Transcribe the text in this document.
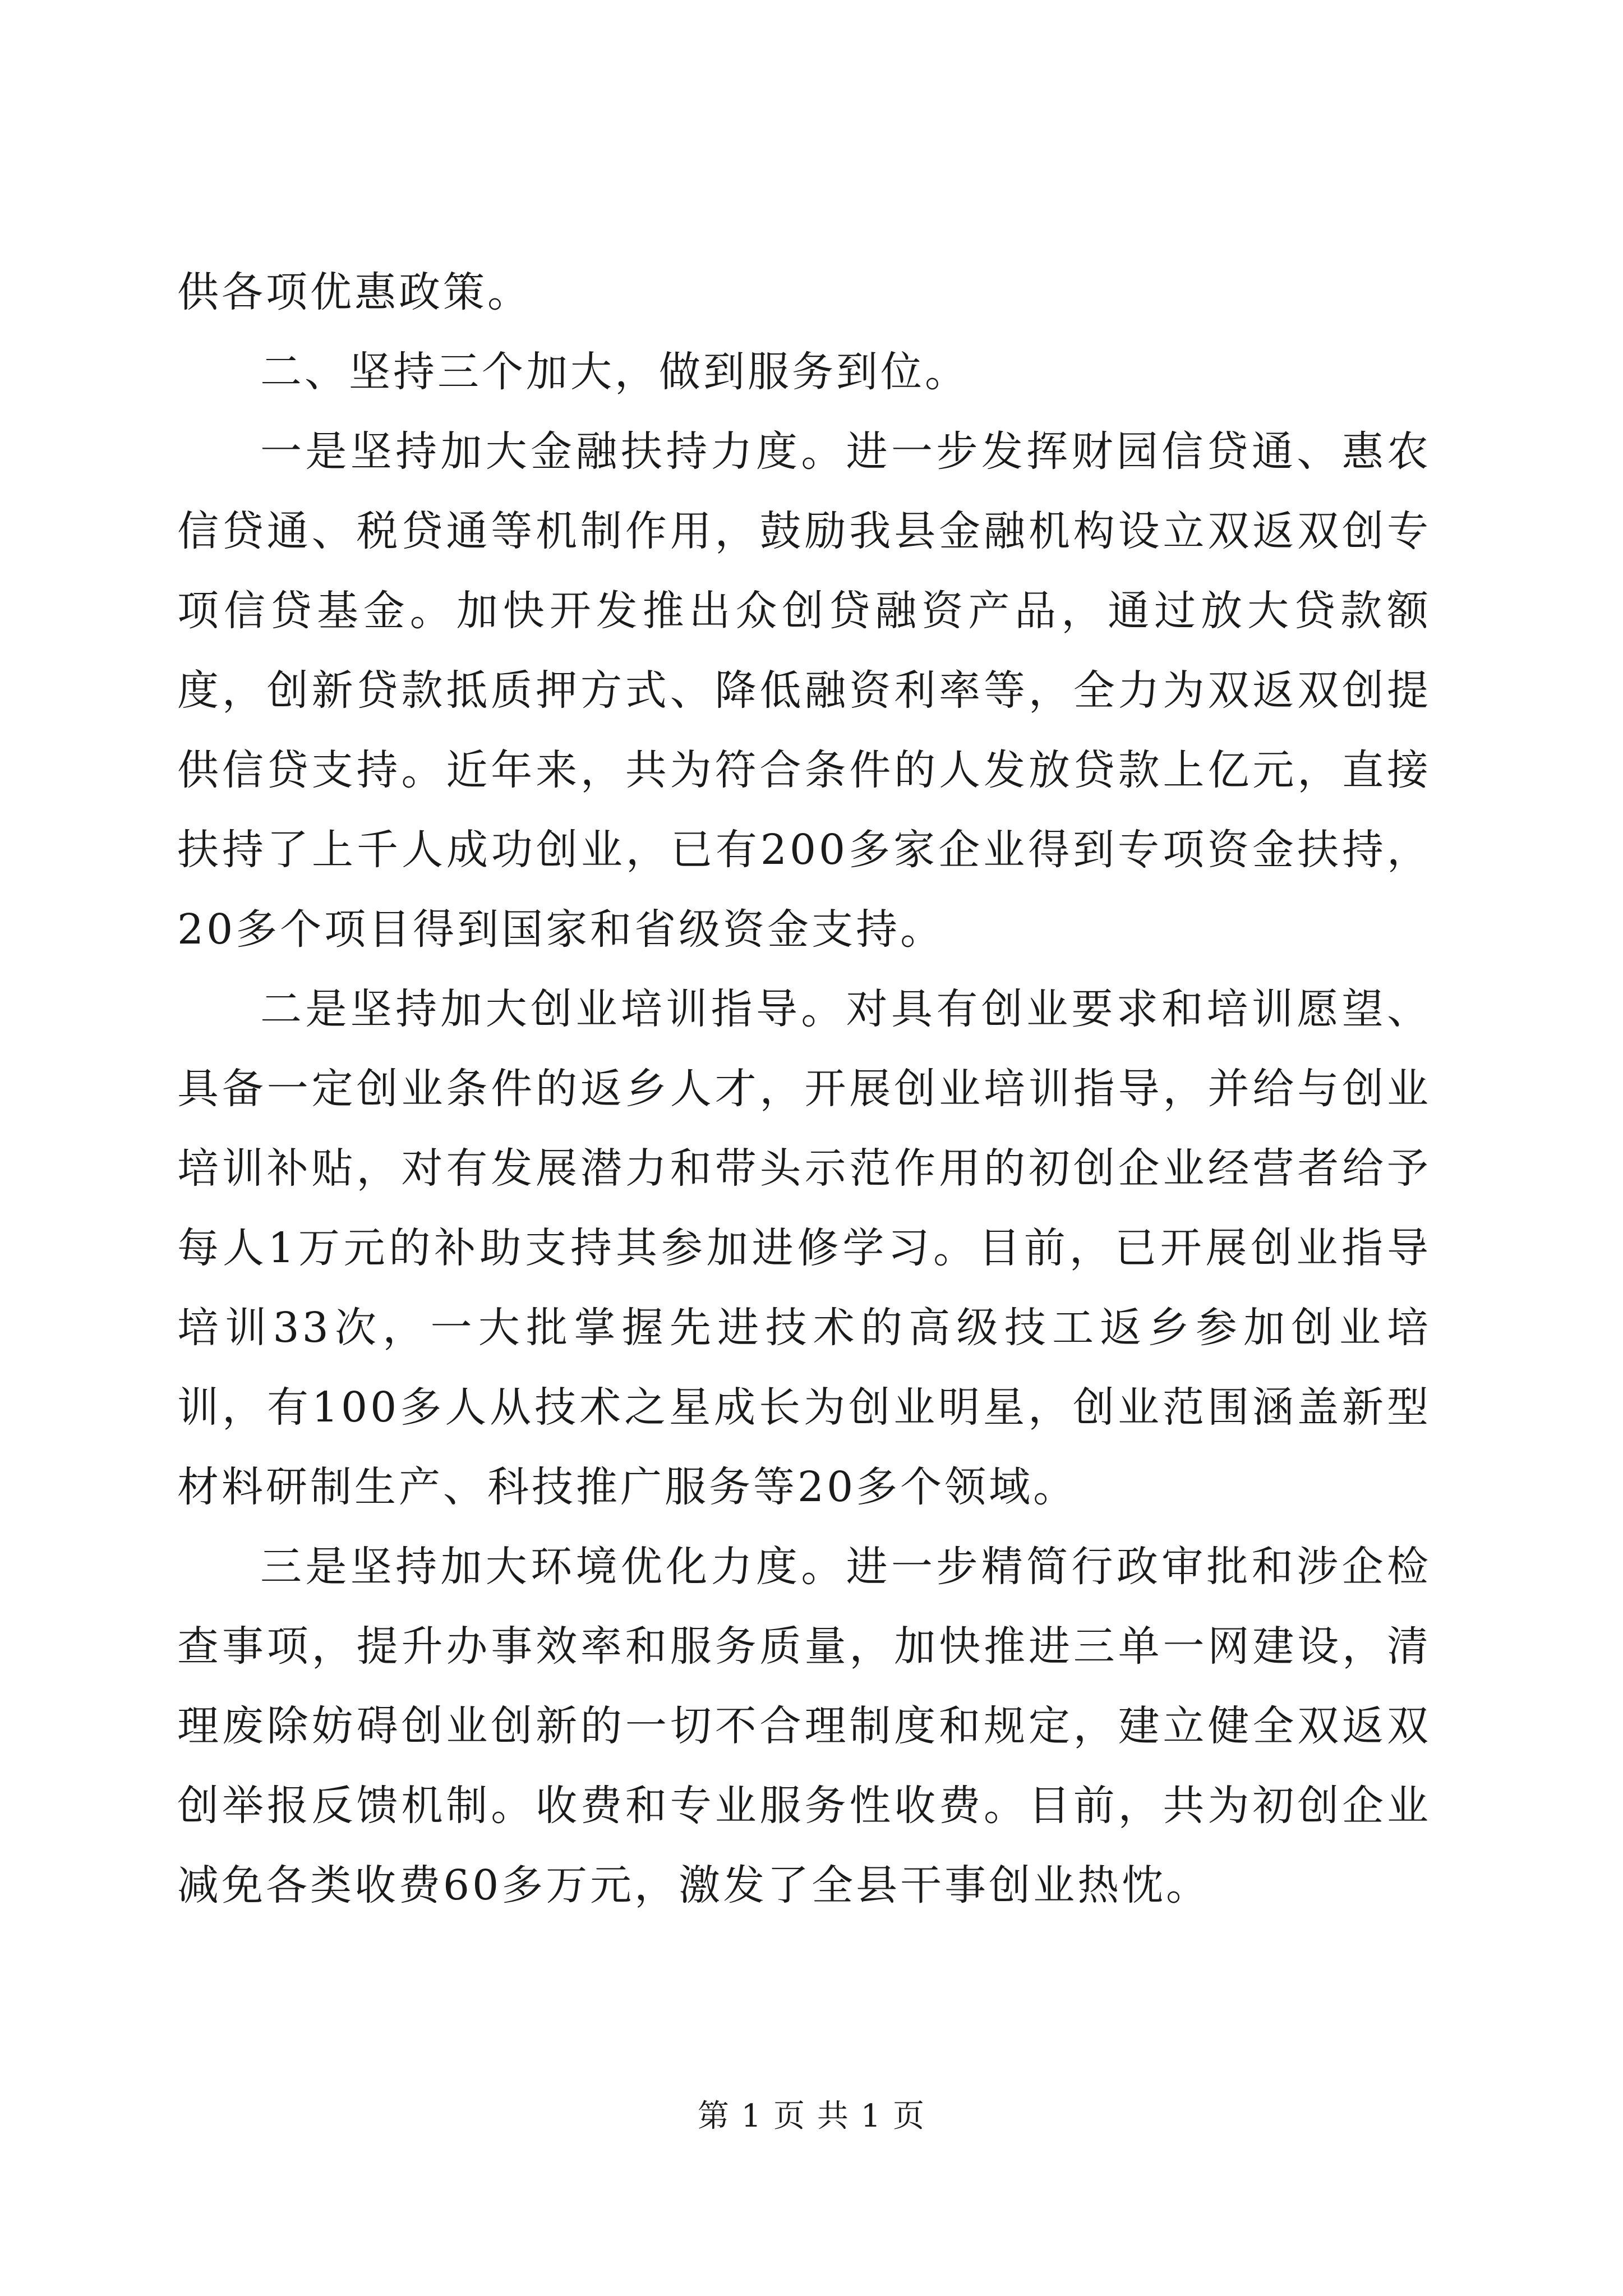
供各项优惠政策。

二、坚持三个加大，做到服务到位。

一是坚持加大金融扶持力度。进一步发挥财园信贷通、惠农信贷通、税贷通等机制作用，鼓励我县金融机构设立双返双创专项信贷基金。加快开发推出众创贷融资产品，通过放大贷款额度，创新贷款抵质押方式、降低融资利率等，全力为双返双创提供信贷支持。近年来，共为符合条件的人发放贷款上亿元，直接扶持了上千人成功创业，已有200多家企业得到专项资金扶持，20多个项目得到国家和省级资金支持。

二是坚持加大创业培训指导。对具有创业要求和培训愿望、具备一定创业条件的返乡人才，开展创业培训指导，并给与创业培训补贴，对有发展潜力和带头示范作用的初创企业经营者给予每人1万元的补助支持其参加进修学习。目前，已开展创业指导培训33次，一大批掌握先进技术的高级技工返乡参加创业培训，有100多人从技术之星成长为创业明星，创业范围涵盖新型材料研制生产、科技推广服务等20多个领域。

三是坚持加大环境优化力度。进一步精简行政审批和涉企检查事项，提升办事效率和服务质量，加快推进三单一网建设，清理废除妨碍创业创新的一切不合理制度和规定，建立健全双返双创举报反馈机制。收费和专业服务性收费。目前，共为初创企业减免各类收费60多万元，激发了全县干事创业热忱。

第 1 页 共 1 页
